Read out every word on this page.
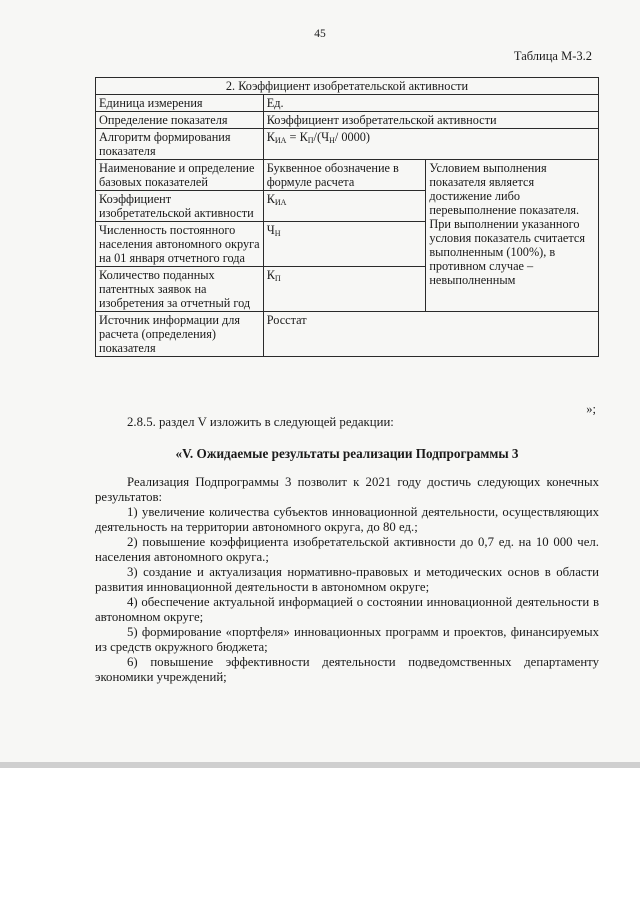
45
Таблица М-3.2
2. Коэффициент изобретательской активности		
Единица измерения	Ед.	
Определение показателя	Коэффициент изобретательской активности	
Алгоритм формирования показателя	$К_{ИА} = К_П/(Ч_Н/$ 0000)	
Наименование и определение базовых показателей	Буквенное обозначение в формуле расчета	Условием выполнения показателя является достижение либо перевыполнение показателя. При выполнении указанного условия показатель считается выполненным (100%), в противном случае – невыполненным
Коэффициент изобретательской активности	$К_{ИА}$
Численность постоянного населения автономного округа на 01 января отчетного года	$Ч_Н$
Количество поданных патентных заявок на изобретения за отчетный год	$К_П$
Источник информации для расчета (определения) показателя	Росстат	
»;

2.8.5. раздел V изложить в следующей редакции:

«V. Ожидаемые результаты реализации Подпрограммы 3

Реализация Подпрограммы 3 позволит к 2021 году достичь следующих конечных результатов:

1) увеличение количества субъектов инновационной деятельности, осуществляющих деятельность на территории автономного округа, до 80 ед.;

2) повышение коэффициента изобретательской активности до 0,7 ед. на 10 000 чел. населения автономного округа.;

3) создание и актуализация нормативно-правовых и методических основ в области развития инновационной деятельности в автономном округе;

4) обеспечение актуальной информацией о состоянии инновационной деятельности в автономном округе;

5) формирование «портфеля» инновационных программ и проектов, финансируемых из средств окружного бюджета;

6) повышение эффективности деятельности подведомственных департаменту экономики учреждений;
